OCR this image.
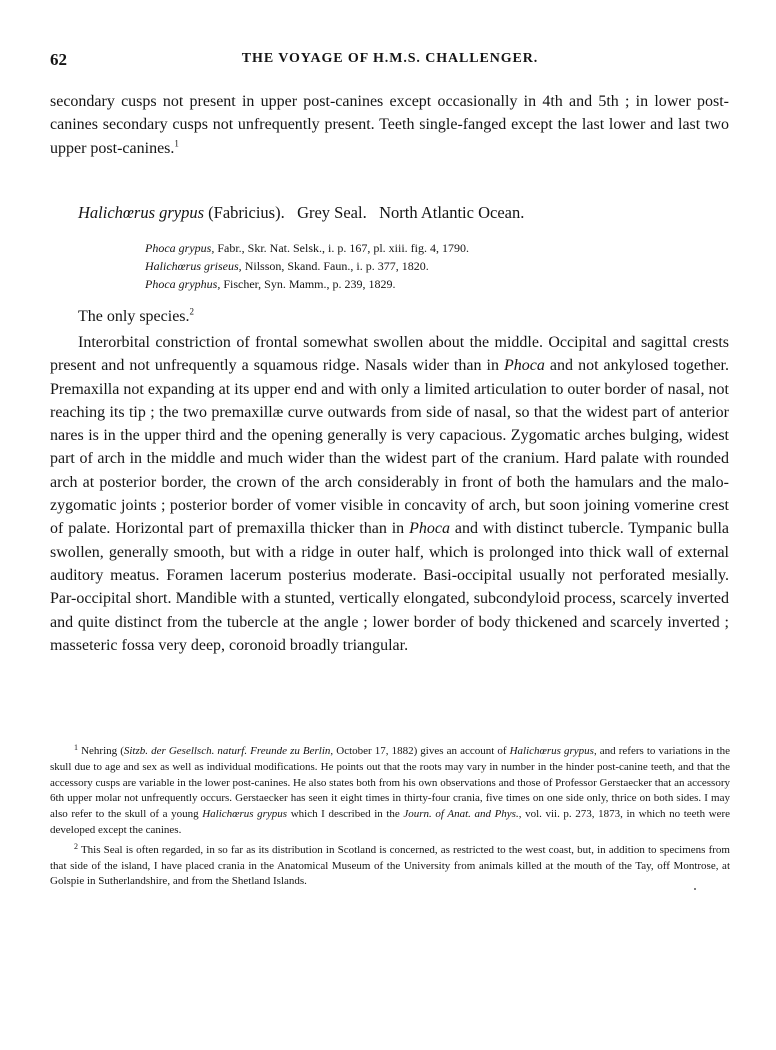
62	THE VOYAGE OF H.M.S. CHALLENGER.
secondary cusps not present in upper post-canines except occasionally in 4th and 5th ; in lower post-canines secondary cusps not unfrequently present. Teeth single-fanged except the last lower and last two upper post-canines.$^1$
Halichœrus grypus (Fabricius). Grey Seal. North Atlantic Ocean.
Phoca grypus, Fabr., Skr. Nat. Selsk., i. p. 167, pl. xiii. fig. 4, 1790.
Halichœrus griseus, Nilsson, Skand. Faun., i. p. 377, 1820.
Phoca gryphus, Fischer, Syn. Mamm., p. 239, 1829.
The only species.$^2$
Interorbital constriction of frontal somewhat swollen about the middle. Occipital and sagittal crests present and not unfrequently a squamous ridge. Nasals wider than in Phoca and not ankylosed together. Premaxilla not expanding at its upper end and with only a limited articulation to outer border of nasal, not reaching its tip ; the two premaxillæ curve outwards from side of nasal, so that the widest part of anterior nares is in the upper third and the opening generally is very capacious. Zygomatic arches bulging, widest part of arch in the middle and much wider than the widest part of the cranium. Hard palate with rounded arch at posterior border, the crown of the arch considerably in front of both the hamulars and the malo-zygomatic joints ; posterior border of vomer visible in concavity of arch, but soon joining vomerine crest of palate. Horizontal part of premaxilla thicker than in Phoca and with distinct tubercle. Tympanic bulla swollen, generally smooth, but with a ridge in outer half, which is prolonged into thick wall of external auditory meatus. Foramen lacerum posterius moderate. Basi-occipital usually not perforated mesially. Par-occipital short. Mandible with a stunted, vertically elongated, subcondyloid process, scarcely inverted and quite distinct from the tubercle at the angle ; lower border of body thickened and scarcely inverted ; masseteric fossa very deep, coronoid broadly triangular.

$^1$ Nehring (Sitzb. der Gesellsch. naturf. Freunde zu Berlin, October 17, 1882) gives an account of Halichœrus grypus, and refers to variations in the skull due to age and sex as well as individual modifications. He points out that the roots may vary in number in the hinder post-canine teeth, and that the accessory cusps are variable in the lower post-canines. He also states both from his own observations and those of Professor Gerstaecker that an accessory 6th upper molar not unfrequently occurs. Gerstaecker has seen it eight times in thirty-four crania, five times on one side only, thrice on both sides. I may also refer to the skull of a young Halichœrus grypus which I described in the Journ. of Anat. and Phys., vol. vii. p. 273, 1873, in which no teeth were developed except the canines.

$^2$ This Seal is often regarded, in so far as its distribution in Scotland is concerned, as restricted to the west coast, but, in addition to specimens from that side of the island, I have placed crania in the Anatomical Museum of the University from animals killed at the mouth of the Tay, off Montrose, at Golspie in Sutherlandshire, and from the Shetland Islands.
